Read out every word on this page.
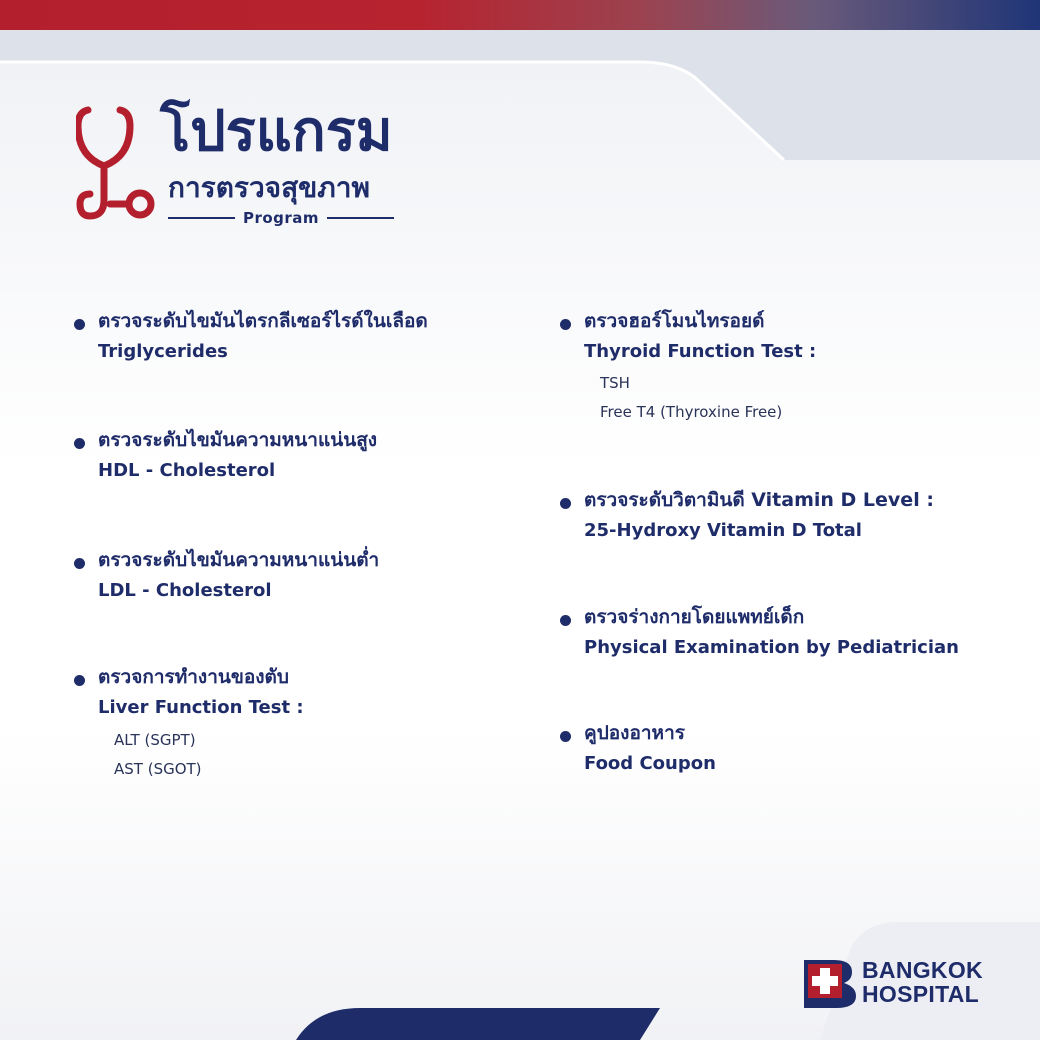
โปรแกรม
การตรวจสุขภาพ
Program
ตรวจระดับไขมันไตรกลีเซอร์ไรด์ในเลือด
Triglycerides
ตรวจระดับไขมันความหนาแน่นสูง
HDL - Cholesterol
ตรวจระดับไขมันความหนาแน่นต่ำ
LDL - Cholesterol
ตรวจการทำงานของตับ
Liver Function Test :
ALT (SGPT)
AST (SGOT)
ตรวจฮอร์โมนไทรอยด์
Thyroid Function Test :
TSH
Free T4 (Thyroxine Free)
ตรวจระดับวิตามินดี Vitamin D Level :
25-Hydroxy Vitamin D Total
ตรวจร่างกายโดยแพทย์เด็ก
Physical Examination by Pediatrician
คูปองอาหาร
Food Coupon
BANGKOK
HOSPITAL
